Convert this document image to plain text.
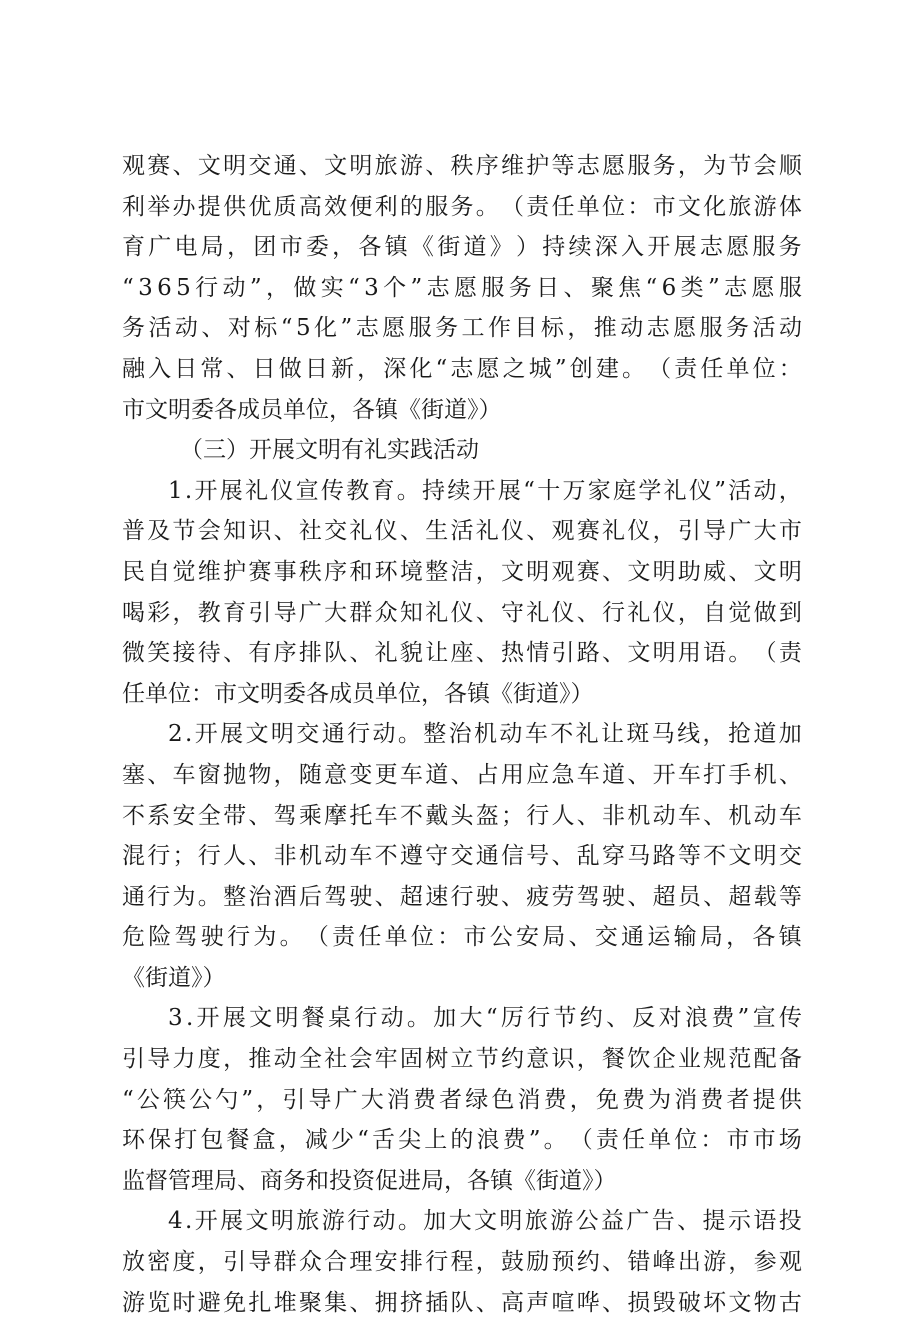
观 赛 、 文 明 交 通 、 文 明 旅 游 、 秩 序 维 护 等 志 愿 服 务 ， 为 节 会 顺
利 举 办 提 供 优 质 高 效 便 利 的 服 务 。 （ 责 任 单 位 ： 市 文 化 旅 游 体
育 广 电 局 ， 团 市 委 ， 各 镇 《 街 道 》 ） 持 续 深 入 开 展 志 愿 服 务
“ 3 6 5 行 动 ” ， 做 实 “ 3 个 ” 志 愿 服 务 日 、 聚 焦 “ 6 类 ” 志 愿 服
务 活 动 、 对 标 “ 5 化 ” 志 愿 服 务 工 作 目 标 ， 推 动 志 愿 服 务 活 动
融 入 日 常 、 日 做 日 新 ， 深 化 “ 志 愿 之 城 ” 创 建 。 （ 责 任 单 位 ：
市文明委各成员单位，各镇《街道》）
（三）开展文明有礼实践活动
1 . 开 展 礼 仪 宣 传 教 育 。 持 续 开 展 “ 十 万 家 庭 学 礼 仪 ” 活 动 ，
普 及 节 会 知 识 、 社 交 礼 仪 、 生 活 礼 仪 、 观 赛 礼 仪 ， 引 导 广 大 市
民 自 觉 维 护 赛 事 秩 序 和 环 境 整 洁 ， 文 明 观 赛 、 文 明 助 威 、 文 明
喝 彩 ， 教 育 引 导 广 大 群 众 知 礼 仪 、 守 礼 仪 、 行 礼 仪 ， 自 觉 做 到
微 笑 接 待 、 有 序 排 队 、 礼 貌 让 座 、 热 情 引 路 、 文 明 用 语 。 （ 责
任单位：市文明委各成员单位，各镇《街道》）
2 . 开 展 文 明 交 通 行 动 。 整 治 机 动 车 不 礼 让 斑 马 线 ， 抢 道 加
塞 、 车 窗 抛 物 ， 随 意 变 更 车 道 、 占 用 应 急 车 道 、 开 车 打 手 机 、
不 系 安 全 带 、 驾 乘 摩 托 车 不 戴 头 盔 ； 行 人 、 非 机 动 车 、 机 动 车
混 行 ； 行 人 、 非 机 动 车 不 遵 守 交 通 信 号 、 乱 穿 马 路 等 不 文 明 交
通 行 为 。 整 治 酒 后 驾 驶 、 超 速 行 驶 、 疲 劳 驾 驶 、 超 员 、 超 载 等
危 险 驾 驶 行 为 。 （ 责 任 单 位 ： 市 公 安 局 、 交 通 运 输 局 ， 各 镇
《街道》）
3 . 开 展 文 明 餐 桌 行 动 。 加 大 “ 厉 行 节 约 、 反 对 浪 费 ” 宣 传
引 导 力 度 ， 推 动 全 社 会 牢 固 树 立 节 约 意 识 ， 餐 饮 企 业 规 范 配 备
“ 公 筷 公 勺 ” ， 引 导 广 大 消 费 者 绿 色 消 费 ， 免 费 为 消 费 者 提 供
环 保 打 包 餐 盒 ， 减 少 “ 舌 尖 上 的 浪 费 ” 。 （ 责 任 单 位 ： 市 市 场
监督管理局、商务和投资促进局，各镇《街道》）
4 . 开 展 文 明 旅 游 行 动 。 加 大 文 明 旅 游 公 益 广 告 、 提 示 语 投
放 密 度 ， 引 导 群 众 合 理 安 排 行 程 ， 鼓 励 预 约 、 错 峰 出 游 ， 参 观
游 览 时 避 免 扎 堆 聚 集 、 拥 挤 插 队 、 高 声 喧 哗 、 损 毁 破 坏 文 物 古
